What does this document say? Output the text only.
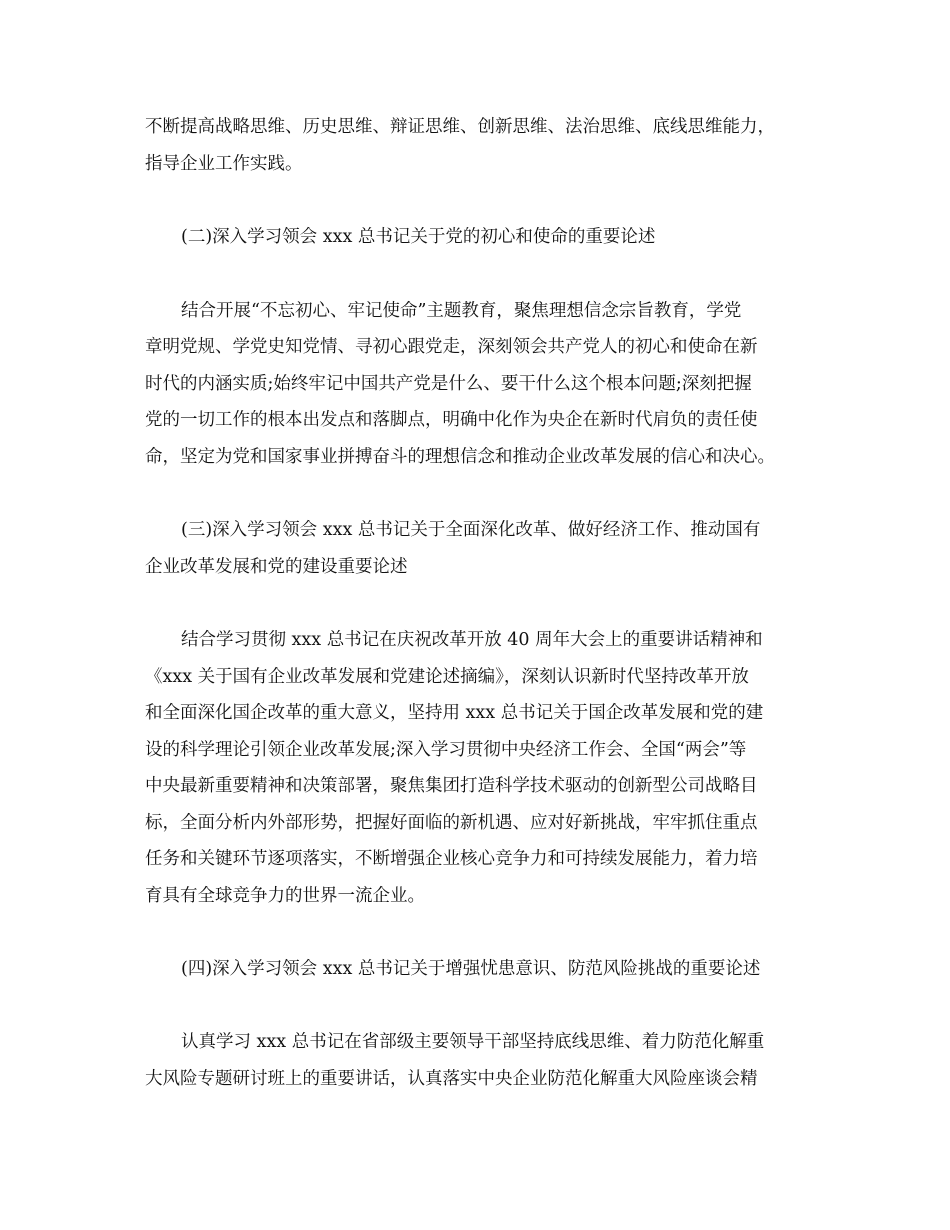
不断提高战略思维、历史思维、辩证思维、创新思维、法治思维、底线思维能力，

指导企业工作实践。

(二)深入学习领会 xxx 总书记关于党的初心和使命的重要论述

结合开展“不忘初心、牢记使命”主题教育，聚焦理想信念宗旨教育，学党

章明党规、学党史知党情、寻初心跟党走，深刻领会共产党人的初心和使命在新

时代的内涵实质;始终牢记中国共产党是什么、要干什么这个根本问题;深刻把握

党的一切工作的根本出发点和落脚点，明确中化作为央企在新时代肩负的责任使

命，坚定为党和国家事业拼搏奋斗的理想信念和推动企业改革发展的信心和决心。

(三)深入学习领会 xxx 总书记关于全面深化改革、做好经济工作、推动国有

企业改革发展和党的建设重要论述

结合学习贯彻 xxx 总书记在庆祝改革开放 40 周年大会上的重要讲话精神和

《xxx 关于国有企业改革发展和党建论述摘编》，深刻认识新时代坚持改革开放

和全面深化国企改革的重大意义，坚持用 xxx 总书记关于国企改革发展和党的建

设的科学理论引领企业改革发展;深入学习贯彻中央经济工作会、全国“两会”等

中央最新重要精神和决策部署，聚焦集团打造科学技术驱动的创新型公司战略目

标，全面分析内外部形势，把握好面临的新机遇、应对好新挑战，牢牢抓住重点

任务和关键环节逐项落实，不断增强企业核心竞争力和可持续发展能力，着力培

育具有全球竞争力的世界一流企业。

(四)深入学习领会 xxx 总书记关于增强忧患意识、防范风险挑战的重要论述

认真学习 xxx 总书记在省部级主要领导干部坚持底线思维、着力防范化解重

大风险专题研讨班上的重要讲话，认真落实中央企业防范化解重大风险座谈会精
